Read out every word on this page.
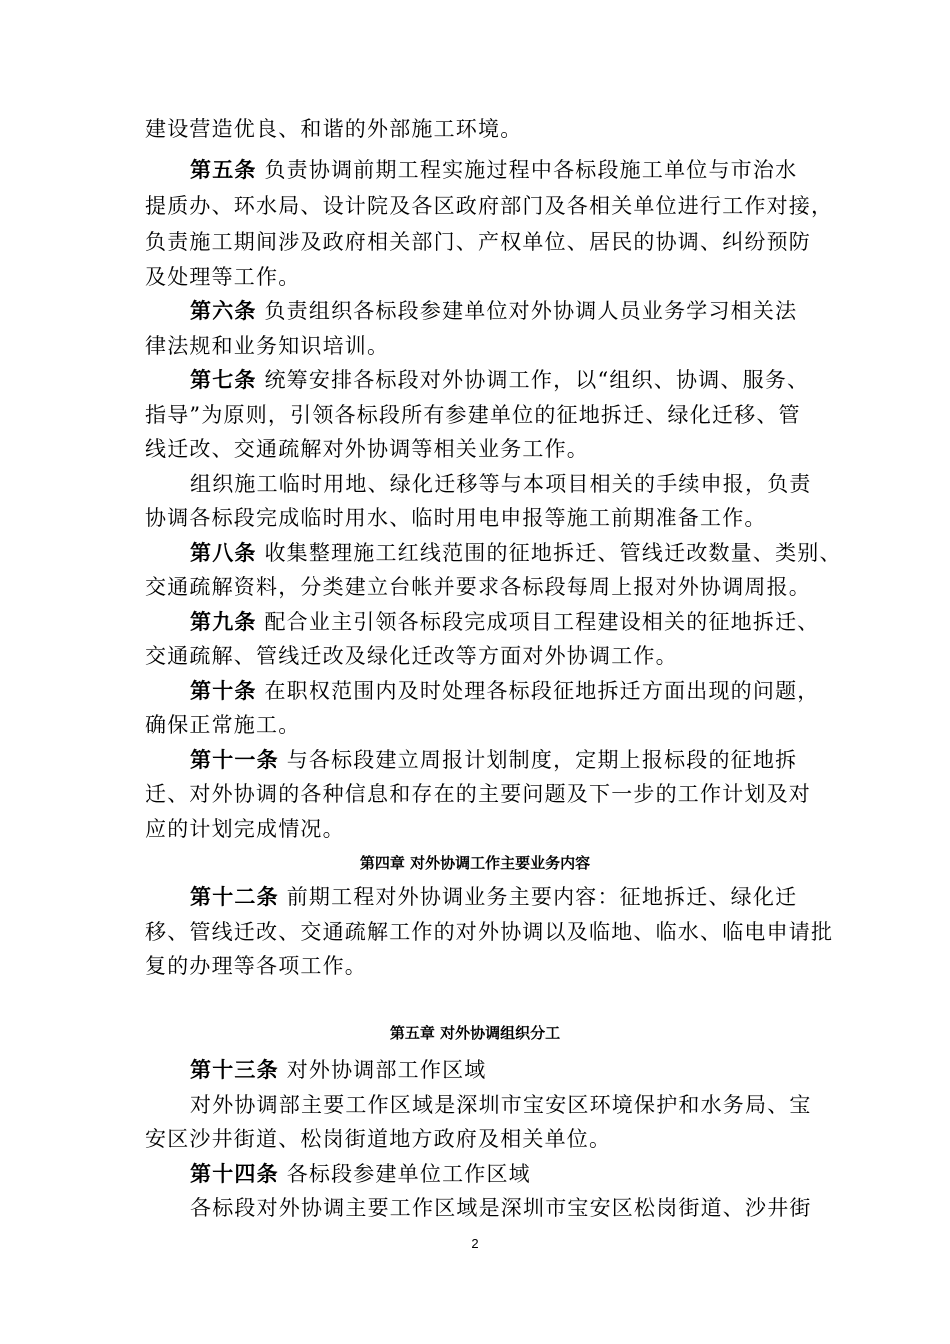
建设营造优良、和谐的外部施工环境。
第五条 负责协调前期工程实施过程中各标段施工单位与市治水
提质办、环水局、设计院及各区政府部门及各相关单位进行工作对接，
负责施工期间涉及政府相关部门、产权单位、居民的协调、纠纷预防
及处理等工作。
第六条 负责组织各标段参建单位对外协调人员业务学习相关法
律法规和业务知识培训。
第七条 统筹安排各标段对外协调工作，以“组织、协调、服务、
指导”为原则，引领各标段所有参建单位的征地拆迁、绿化迁移、管
线迁改、交通疏解对外协调等相关业务工作。
组织施工临时用地、绿化迁移等与本项目相关的手续申报，负责
协调各标段完成临时用水、临时用电申报等施工前期准备工作。
第八条 收集整理施工红线范围的征地拆迁、管线迁改数量、类别、
交通疏解资料，分类建立台帐并要求各标段每周上报对外协调周报。
第九条 配合业主引领各标段完成项目工程建设相关的征地拆迁、
交通疏解、管线迁改及绿化迁改等方面对外协调工作。
第十条 在职权范围内及时处理各标段征地拆迁方面出现的问题，
确保正常施工。
第十一条 与各标段建立周报计划制度，定期上报标段的征地拆
迁、对外协调的各种信息和存在的主要问题及下一步的工作计划及对
应的计划完成情况。
第四章 对外协调工作主要业务内容
第十二条 前期工程对外协调业务主要内容：征地拆迁、绿化迁
移、管线迁改、交通疏解工作的对外协调以及临地、临水、临电申请批
复的办理等各项工作。
第五章 对外协调组织分工
第十三条 对外协调部工作区域
对外协调部主要工作区域是深圳市宝安区环境保护和水务局、宝
安区沙井街道、松岗街道地方政府及相关单位。
第十四条 各标段参建单位工作区域
各标段对外协调主要工作区域是深圳市宝安区松岗街道、沙井街
2
